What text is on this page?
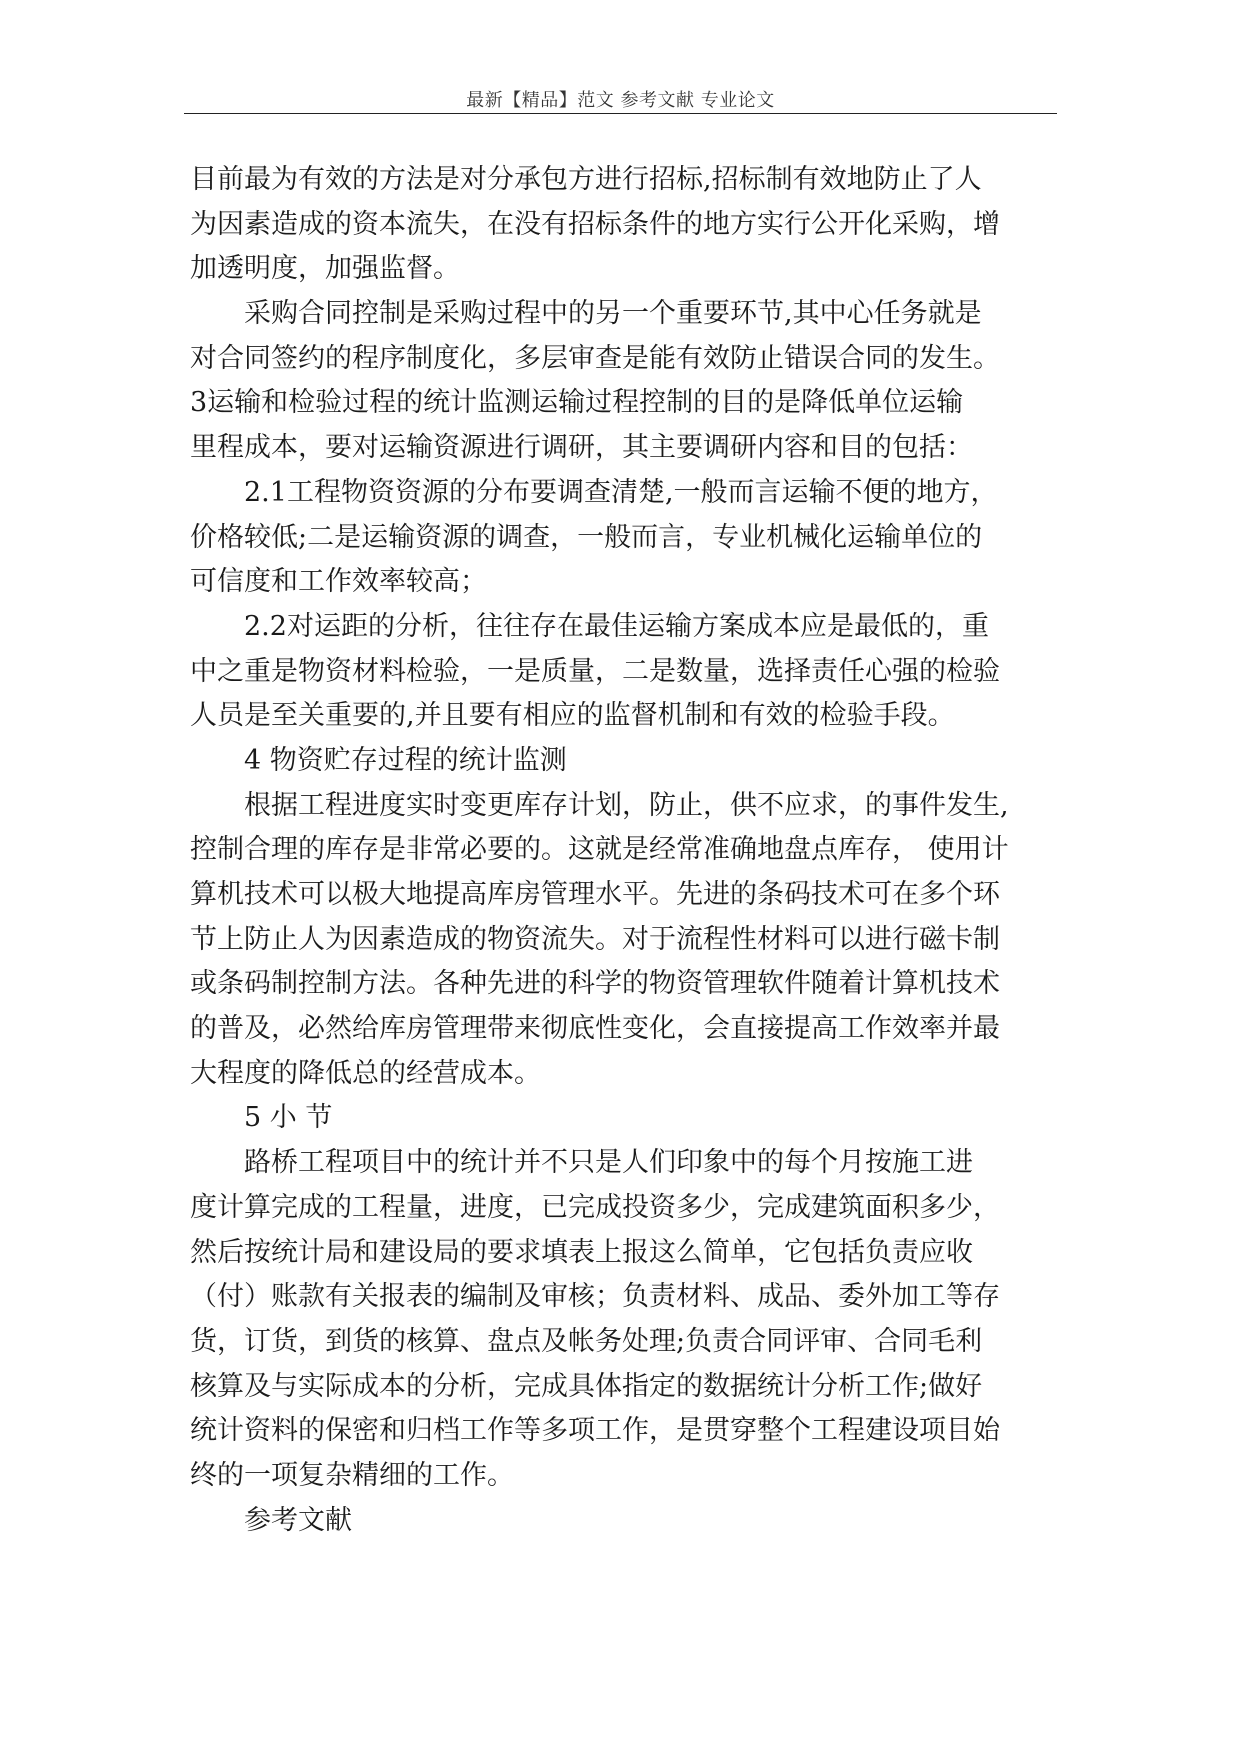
最新【精品】范文 参考文献 专业论文
目前最为有效的方法是对分承包方进行招标,招标制有效地防止了人
为因素造成的资本流失，在没有招标条件的地方实行公开化采购，增
加透明度，加强监督。
采购合同控制是采购过程中的另一个重要环节,其中心任务就是
对合同签约的程序制度化，多层审查是能有效防止错误合同的发生。
3运输和检验过程的统计监测运输过程控制的目的是降低单位运输
里程成本，要对运输资源进行调研，其主要调研内容和目的包括：
2.1工程物资资源的分布要调查清楚,一般而言运输不便的地方，
价格较低;二是运输资源的调查，一般而言，专业机械化运输单位的
可信度和工作效率较高；
2.2对运距的分析，往往存在最佳运输方案成本应是最低的，重
中之重是物资材料检验，一是质量，二是数量，选择责任心强的检验
人员是至关重要的,并且要有相应的监督机制和有效的检验手段。
4 物资贮存过程的统计监测
根据工程进度实时变更库存计划，防止，供不应求，的事件发生,
控制合理的库存是非常必要的。这就是经常准确地盘点库存， 使用计
算机技术可以极大地提高库房管理水平。先进的条码技术可在多个环
节上防止人为因素造成的物资流失。对于流程性材料可以进行磁卡制
或条码制控制方法。各种先进的科学的物资管理软件随着计算机技术
的普及，必然给库房管理带来彻底性变化，会直接提高工作效率并最
大程度的降低总的经营成本。
5 小 节
路桥工程项目中的统计并不只是人们印象中的每个月按施工进
度计算完成的工程量，进度，已完成投资多少，完成建筑面积多少，
然后按统计局和建设局的要求填表上报这么简单，它包括负责应收
（付）账款有关报表的编制及审核；负责材料、成品、委外加工等存
货，订货，到货的核算、盘点及帐务处理;负责合同评审、合同毛利
核算及与实际成本的分析，完成具体指定的数据统计分析工作;做好
统计资料的保密和归档工作等多项工作，是贯穿整个工程建设项目始
终的一项复杂精细的工作。
参考文献
